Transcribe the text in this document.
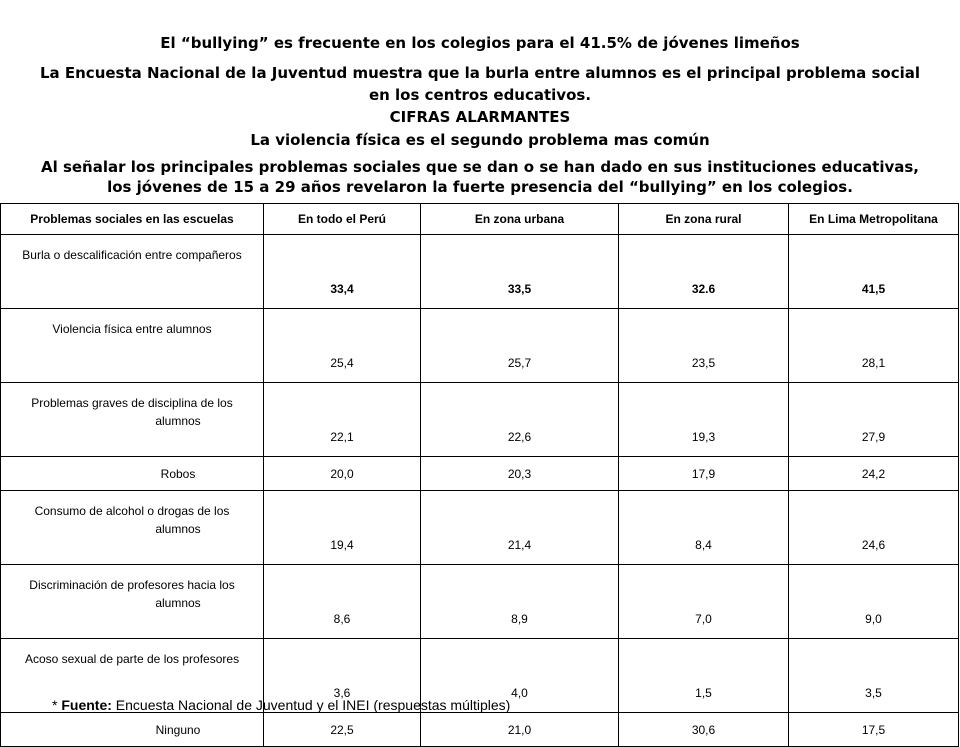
El “bullying” es frecuente en los colegios para el 41.5% de jóvenes limeños
La Encuesta Nacional de la Juventud muestra que la burla entre alumnos es el principal problema social
en los centros educativos.
CIFRAS ALARMANTES
La violencia física es el segundo problema mas común
Al señalar los principales problemas sociales que se dan o se han dado en sus instituciones educativas,
los jóvenes de 15 a 29 años revelaron la fuerte presencia del “bullying” en los colegios.
Problemas sociales en las escuelas	En todo el Perú	En zona urbana	En zona rural	En Lima Metropolitana

Burla o descalificación entre compañeros	33,4	33,5	32.6	41,5

Violencia física entre alumnos	25,4	25,7	23,5	28,1

Problemas graves de disciplina de los
alumnos	22,1	22,6	19,3	27,9
Robos	20,0	20,3	17,9	24,2

Consumo de alcohol o drogas de los
alumnos	19,4	21,4	8,4	24,6

Discriminación de profesores hacia los
alumnos	8,6	8,9	7,0	9,0

Acoso sexual de parte de los profesores	3,6	4,0	1,5	3,5
Ninguno	22,5	21,0	30,6	17,5
* Fuente: Encuesta Nacional de Juventud y el INEI (respuestas múltiples)
